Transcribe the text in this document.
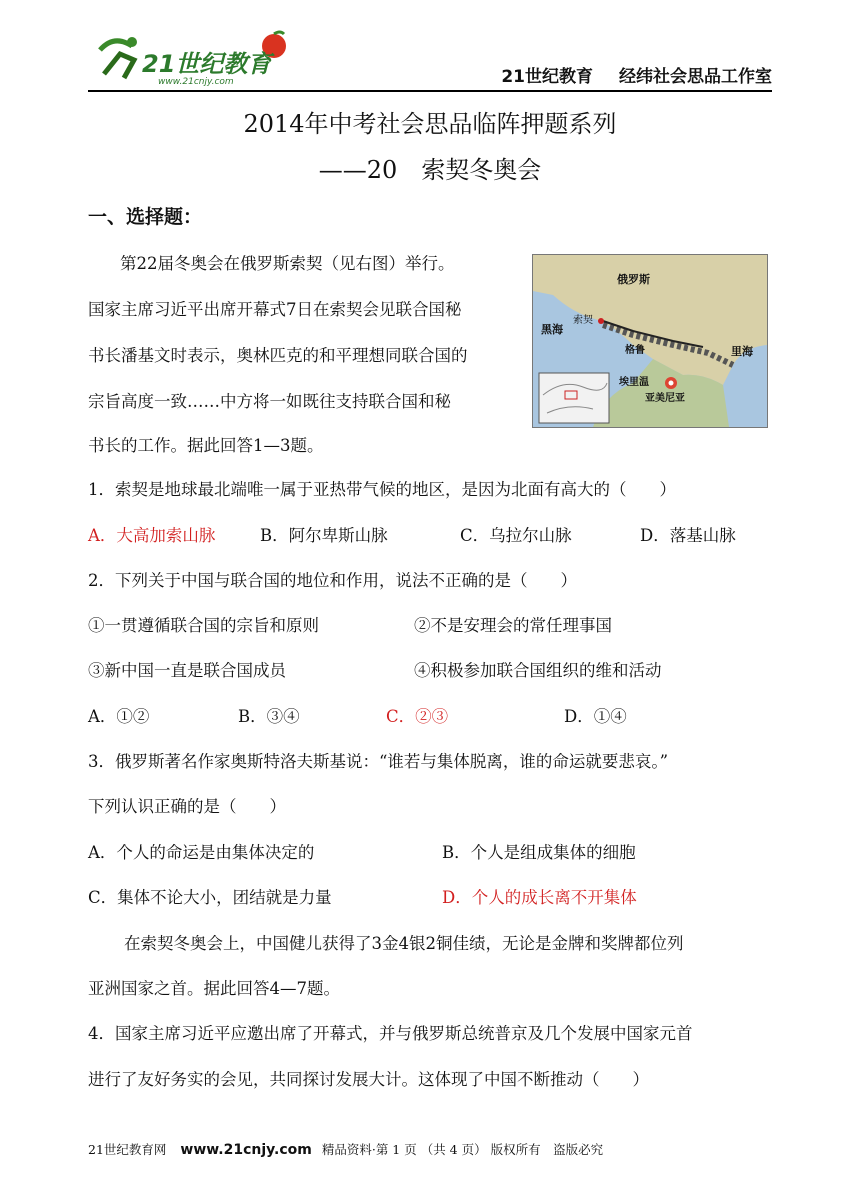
21世纪教育
www.21cnjy.com	21世纪教育 经纬社会思品工作室
2014年中考社会思品临阵押题系列
——20　索契冬奥会
一、选择题：
第22届冬奥会在俄罗斯索契（见右图）举行。
国家主席习近平出席开幕式7日在索契会见联合国秘
书长潘基文时表示，奥林匹克的和平理想同联合国的
宗旨高度一致……中方将一如既往支持联合国和秘
书长的工作。据此回答1—3题。
俄罗斯
索契
黑海
里海
格鲁
埃里温
亚美尼亚
1．索契是地球最北端唯一属于亚热带气候的地区，是因为北面有高大的（　　）
A．大高加索山脉	B．阿尔卑斯山脉	C．乌拉尔山脉	D．落基山脉
2．下列关于中国与联合国的地位和作用，说法不正确的是（　　）
①一贯遵循联合国的宗旨和原则	②不是安理会的常任理事国
③新中国一直是联合国成员	④积极参加联合国组织的维和活动
A．①②	B．③④	C．②③	D．①④
3．俄罗斯著名作家奥斯特洛夫斯基说：“谁若与集体脱离，谁的命运就要悲哀。”
下列认识正确的是（　　）
A．个人的命运是由集体决定的	B．个人是组成集体的细胞
C．集体不论大小，团结就是力量	D．个人的成长离不开集体
在索契冬奥会上，中国健儿获得了3金4银2铜佳绩，无论是金牌和奖牌都位列
亚洲国家之首。据此回答4—7题。
4．国家主席习近平应邀出席了开幕式，并与俄罗斯总统普京及几个发展中国家元首
进行了友好务实的会见，共同探讨发展大计。这体现了中国不断推动（　　）
21世纪教育网 www.21cnjy.com 精品资料·第 1 页 （共 4 页） 版权所有　盗版必究
